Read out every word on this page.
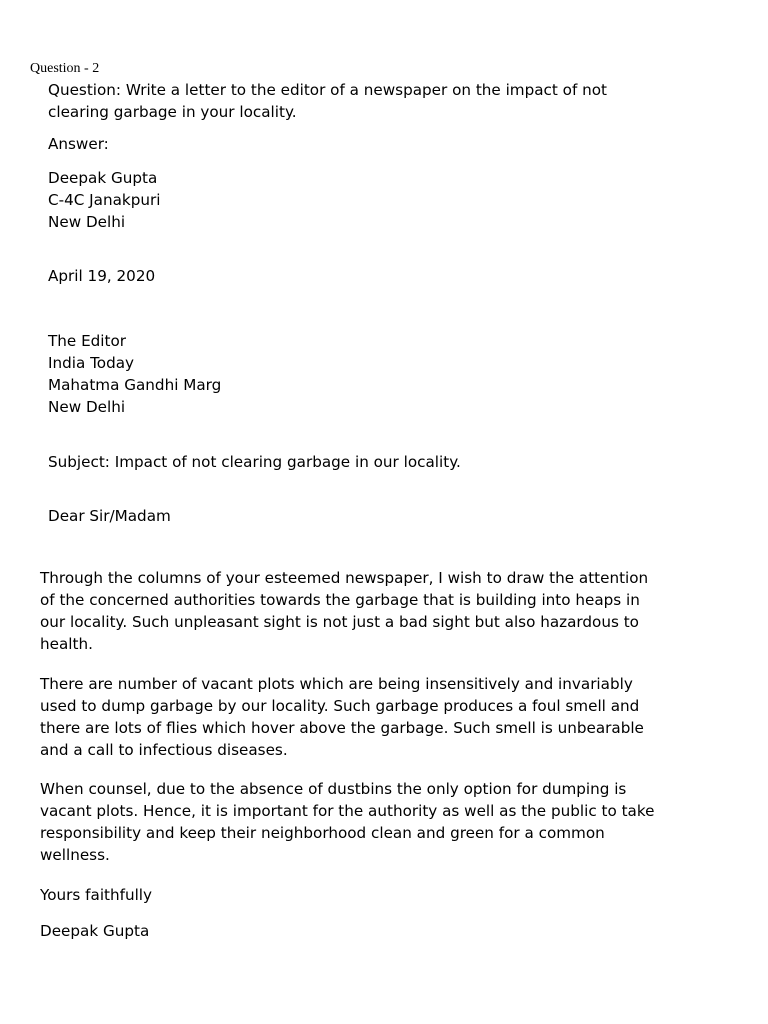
Question - 2
Question: Write a letter to the editor of a newspaper on the impact of not
clearing garbage in your locality.
Answer:
Deepak Gupta
C-4C Janakpuri
New Delhi
April 19, 2020
The Editor
India Today
Mahatma Gandhi Marg
New Delhi
Subject: Impact of not clearing garbage in our locality.
Dear Sir/Madam
Through the columns of your esteemed newspaper, I wish to draw the attention
of the concerned authorities towards the garbage that is building into heaps in
our locality. Such unpleasant sight is not just a bad sight but also hazardous to
health.
There are number of vacant plots which are being insensitively and invariably
used to dump garbage by our locality. Such garbage produces a foul smell and
there are lots of flies which hover above the garbage. Such smell is unbearable
and a call to infectious diseases.
When counsel, due to the absence of dustbins the only option for dumping is
vacant plots. Hence, it is important for the authority as well as the public to take
responsibility and keep their neighborhood clean and green for a common
wellness.
Yours faithfully
Deepak Gupta
